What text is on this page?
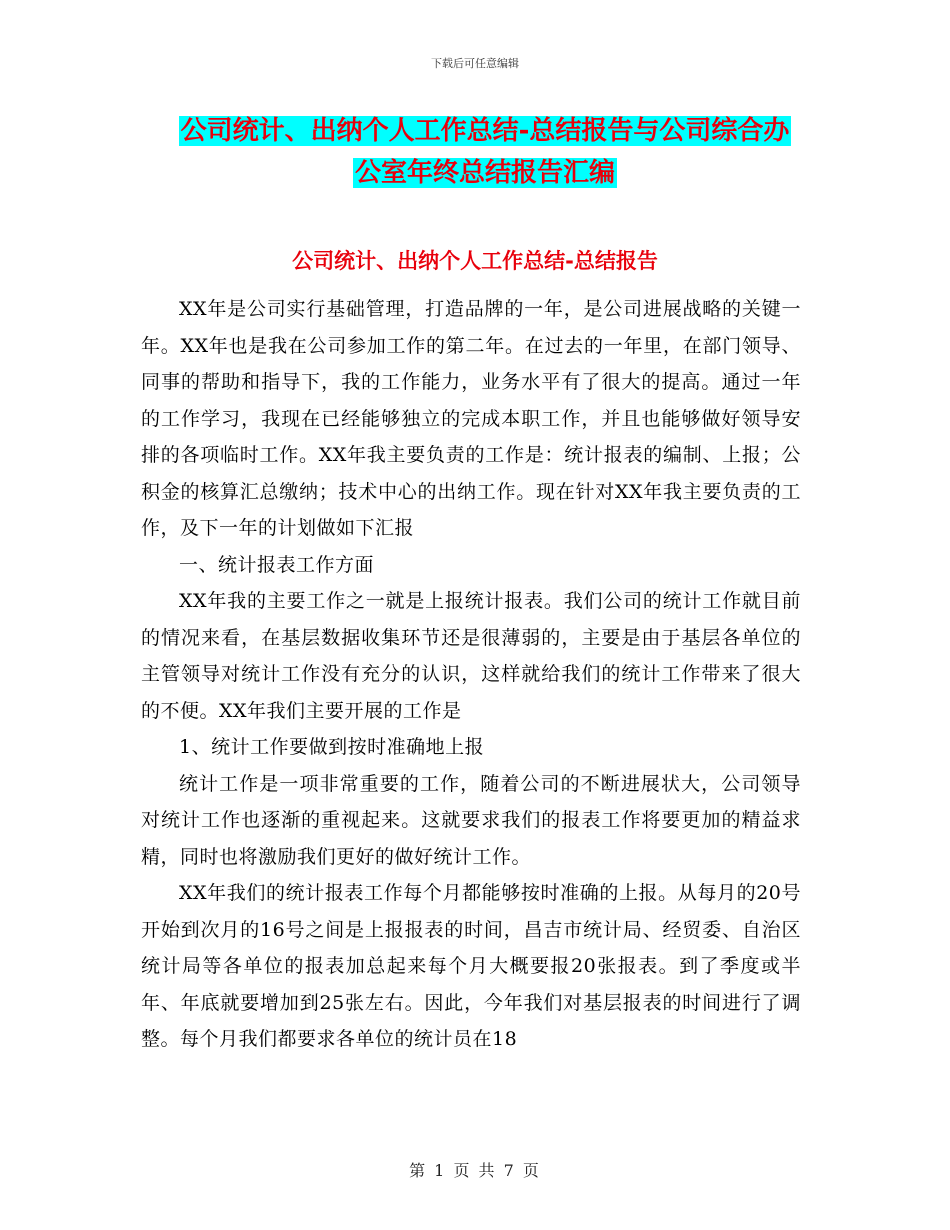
下载后可任意编辑
公司统计、出纳个人工作总结-总结报告与公司综合办
公室年终总结报告汇编
公司统计、出纳个人工作总结-总结报告

XX年是公司实行基础管理，打造品牌的一年，是公司进展战略的关键一年。XX年也是我在公司参加工作的第二年。在过去的一年里，在部门领导、同事的帮助和指导下，我的工作能力，业务水平有了很大的提高。通过一年的工作学习，我现在已经能够独立的完成本职工作，并且也能够做好领导安排的各项临时工作。XX年我主要负责的工作是：统计报表的编制、上报；公积金的核算汇总缴纳；技术中心的出纳工作。现在针对XX年我主要负责的工作，及下一年的计划做如下汇报

一、统计报表工作方面

XX年我的主要工作之一就是上报统计报表。我们公司的统计工作就目前的情况来看，在基层数据收集环节还是很薄弱的，主要是由于基层各单位的主管领导对统计工作没有充分的认识，这样就给我们的统计工作带来了很大的不便。XX年我们主要开展的工作是

1、统计工作要做到按时准确地上报

统计工作是一项非常重要的工作，随着公司的不断进展状大，公司领导对统计工作也逐渐的重视起来。这就要求我们的报表工作将要更加的精益求精，同时也将激励我们更好的做好统计工作。

XX年我们的统计报表工作每个月都能够按时准确的上报。从每月的20号开始到次月的16号之间是上报报表的时间，昌吉市统计局、经贸委、自治区统计局等各单位的报表加总起来每个月大概要报20张报表。到了季度或半年、年底就要增加到25张左右。因此，今年我们对基层报表的时间进行了调整。每个月我们都要求各单位的统计员在18

第 1 页 共 7 页
